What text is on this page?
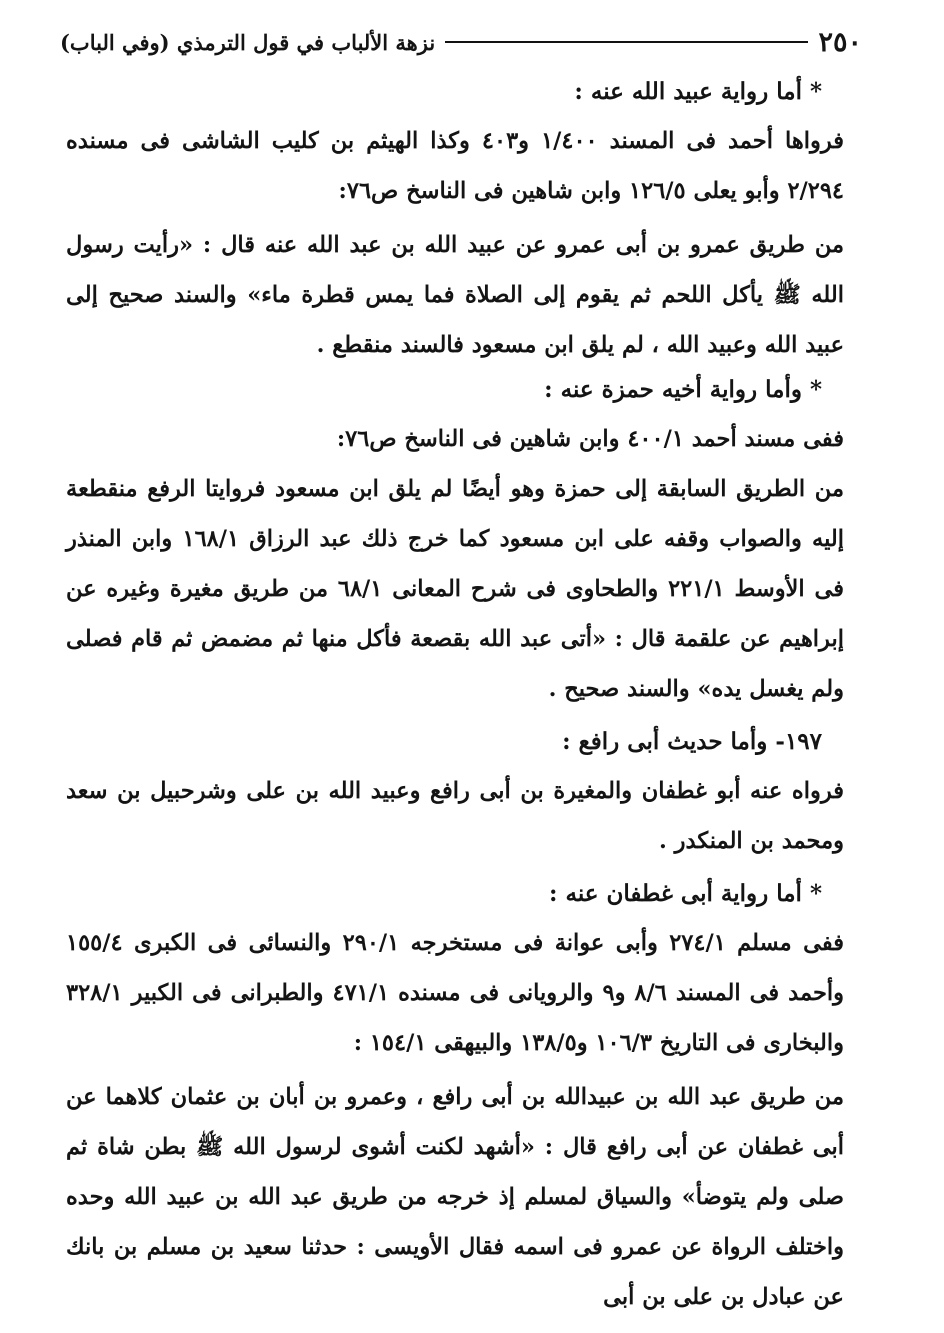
٢٥٠
نزهة الألباب في قول الترمذي (وفي الباب)

* أما رواية عبيد الله عنه :

فرواها أحمد فى المسند ١/٤٠٠ و٤٠٣ وكذا الهيثم بن كليب الشاشى فى مسنده ٢/٢٩٤ وأبو يعلى ١٢٦/٥ وابن شاهين فى الناسخ ص٧٦:

من طريق عمرو بن أبى عمرو عن عبيد الله بن عبد الله عنه قال : «رأيت رسول الله ﷺ يأكل اللحم ثم يقوم إلى الصلاة فما يمس قطرة ماء» والسند صحيح إلى عبيد الله وعبيد الله ، لم يلق ابن مسعود فالسند منقطع .

* وأما رواية أخيه حمزة عنه :

ففى مسند أحمد ٤٠٠/١ وابن شاهين فى الناسخ ص٧٦:

من الطريق السابقة إلى حمزة وهو أيضًا لم يلق ابن مسعود فروايتا الرفع منقطعة إليه والصواب وقفه على ابن مسعود كما خرج ذلك عبد الرزاق ١٦٨/١ وابن المنذر فى الأوسط ٢٢١/١ والطحاوى فى شرح المعانى ٦٨/١ من طريق مغيرة وغيره عن إبراهيم عن علقمة قال : «أتى عبد الله بقصعة فأكل منها ثم مضمض ثم قام فصلى ولم يغسل يده» والسند صحيح .

١٩٧- وأما حديث أبى رافع :

فرواه عنه أبو غطفان والمغيرة بن أبى رافع وعبيد الله بن على وشرحبيل بن سعد ومحمد بن المنكدر .

* أما رواية أبى غطفان عنه :

ففى مسلم ٢٧٤/١ وأبى عوانة فى مستخرجه ٢٩٠/١ والنسائى فى الكبرى ١٥٥/٤ وأحمد فى المسند ٨/٦ و٩ والرويانى فى مسنده ٤٧١/١ والطبرانى فى الكبير ٣٢٨/١ والبخارى فى التاريخ ١٠٦/٣ و١٣٨/٥ والبيهقى ١٥٤/١ :

من طريق عبد الله بن عبيدالله بن أبى رافع ، وعمرو بن أبان بن عثمان كلاهما عن أبى غطفان عن أبى رافع قال : «أشهد لكنت أشوى لرسول الله ﷺ بطن شاة ثم صلى ولم يتوضأ» والسياق لمسلم إذ خرجه من طريق عبد الله بن عبيد الله وحده واختلف الرواة عن عمرو فى اسمه فقال الأويسى : حدثنا سعيد بن مسلم بن بانك عن عبادل بن على بن أبى
